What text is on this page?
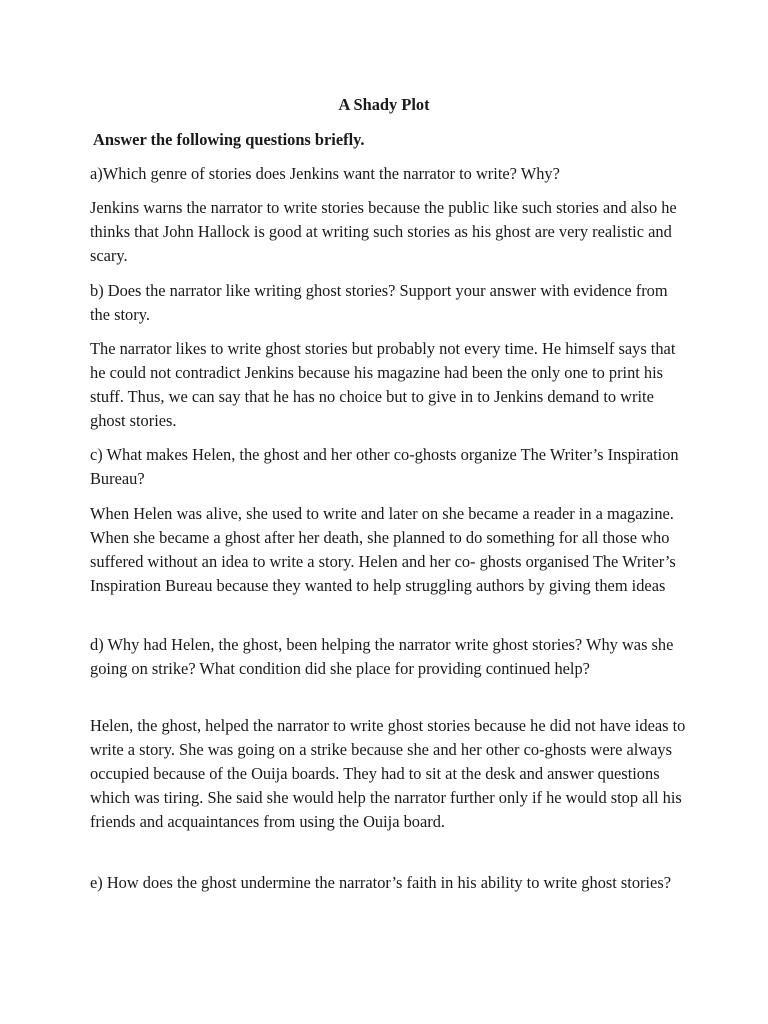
A Shady Plot
Answer the following questions briefly.

a)Which genre of stories does Jenkins want the narrator to write? Why?

Jenkins warns the narrator to write stories because the public like such stories and also he thinks that John Hallock is good at writing such stories as his ghost are very realistic and scary.

b) Does the narrator like writing ghost stories? Support your answer with evidence from the story.

The narrator likes to write ghost stories but probably not every time. He himself says that he could not contradict Jenkins because his magazine had been the only one to print his stuff. Thus, we can say that he has no choice but to give in to Jenkins demand to write ghost stories.

c) What makes Helen, the ghost and her other co-ghosts organize The Writer’s Inspiration Bureau?

When Helen was alive, she used to write and later on she became a reader in a magazine. When she became a ghost after her death, she planned to do something for all those who suffered without an idea to write a story. Helen and her co- ghosts organised The Writer’s Inspiration Bureau because they wanted to help struggling authors by giving them ideas

d) Why had Helen, the ghost, been helping the narrator write ghost stories? Why was she going on strike? What condition did she place for providing continued help?

Helen, the ghost, helped the narrator to write ghost stories because he did not have ideas to write a story. She was going on a strike because she and her other co-ghosts were always occupied because of the Ouija boards. They had to sit at the desk and answer questions which was tiring. She said she would help the narrator further only if he would stop all his friends and acquaintances from using the Ouija board.

e) How does the ghost undermine the narrator’s faith in his ability to write ghost stories?
